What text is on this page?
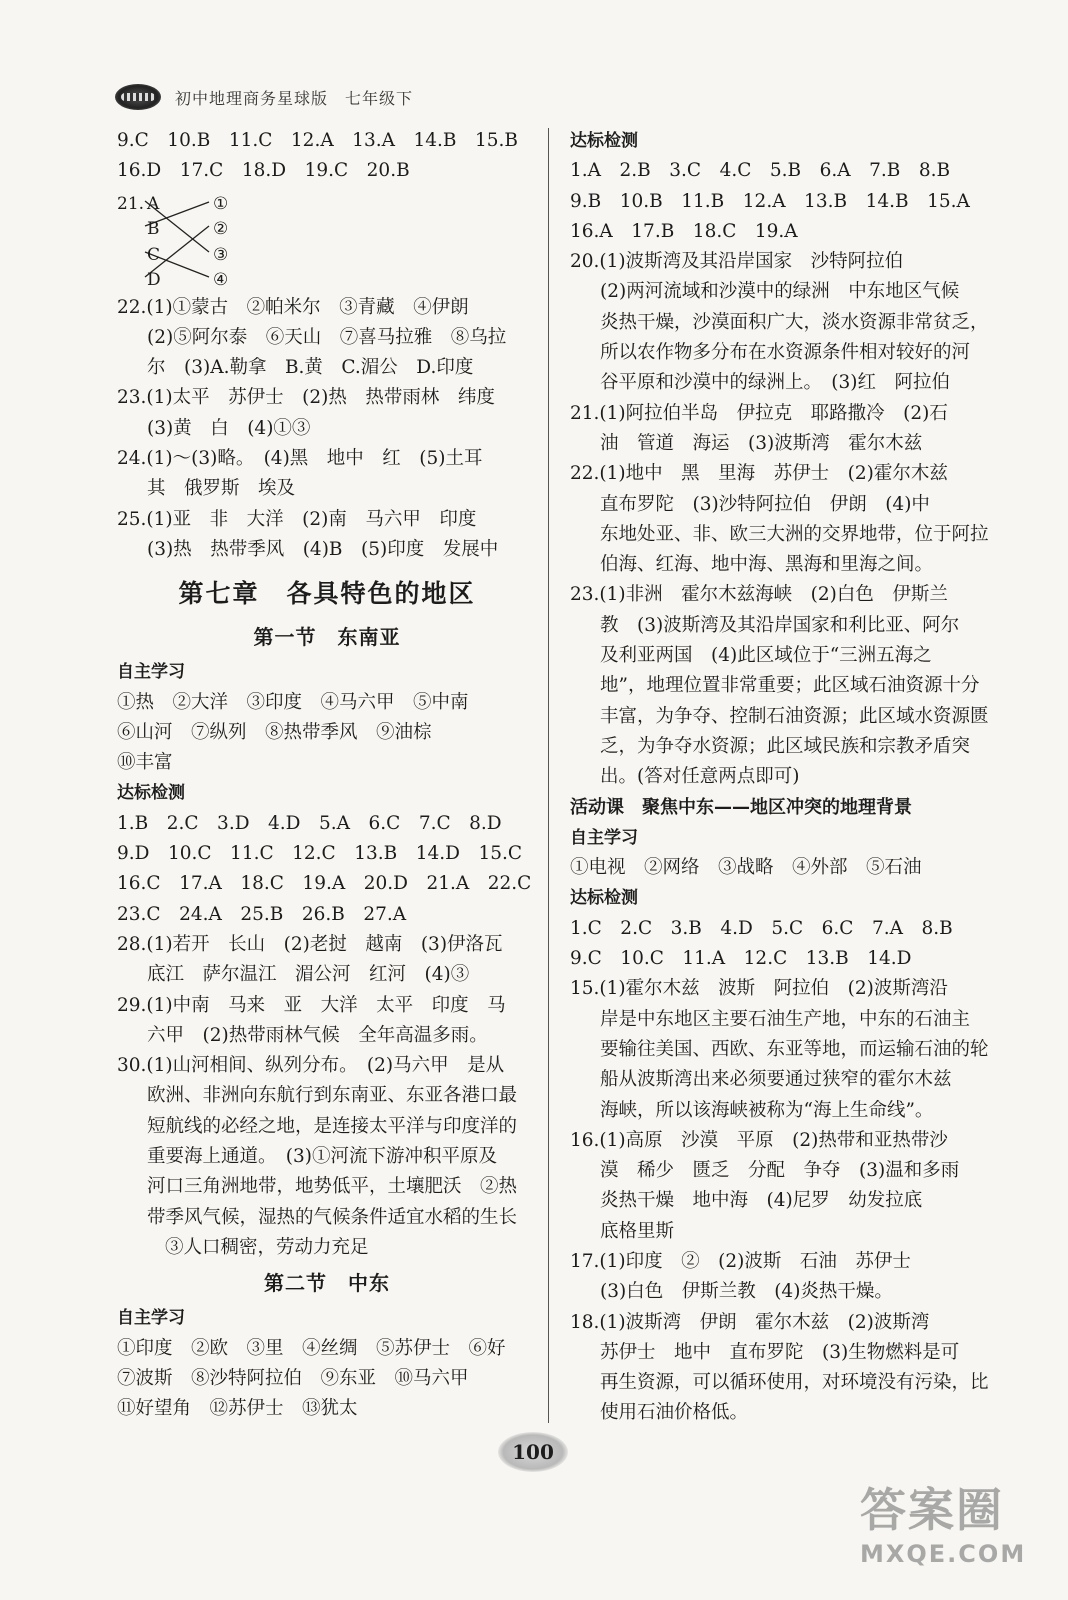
初中地理商务星球版　七年级下
9.C　10.B　11.C　12.A　13.A　14.B　15.B
16.D　17.C　18.D　19.C　20.B
21. A
B
C
D
①
②
③
④
22.(1)①蒙古　②帕米尔　③青藏　④伊朗
(2)⑤阿尔泰　⑥天山　⑦喜马拉雅　⑧乌拉
尔　(3)A.勒拿　B.黄　C.湄公　D.印度
23.(1)太平　苏伊士　(2)热　热带雨林　纬度
(3)黄　白　(4)①③
24.(1)～(3)略。　(4)黑　地中　红　(5)土耳
其　俄罗斯　埃及
25.(1)亚　非　大洋　(2)南　马六甲　印度
(3)热　热带季风　(4)B　(5)印度　发展中
第七章　各具特色的地区
第一节　东南亚
自主学习
①热　②大洋　③印度　④马六甲　⑤中南
⑥山河　⑦纵列　⑧热带季风　⑨油棕
⑩丰富
达标检测
1.B　2.C　3.D　4.D　5.A　6.C　7.C　8.D
9.D　10.C　11.C　12.C　13.B　14.D　15.C
16.C　17.A　18.C　19.A　20.D　21.A　22.C
23.C　24.A　25.B　26.B　27.A
28.(1)若开　长山　(2)老挝　越南　(3)伊洛瓦
底江　萨尔温江　湄公河　红河　(4)③
29.(1)中南　马来　亚　大洋　太平　印度　马
六甲　(2)热带雨林气候　全年高温多雨。
30.(1)山河相间、纵列分布。　(2)马六甲　是从
欧洲、非洲向东航行到东南亚、东亚各港口最
短航线的必经之地，是连接太平洋与印度洋的
重要海上通道。　(3)①河流下游冲积平原及
河口三角洲地带，地势低平，土壤肥沃　②热
带季风气候，湿热的气候条件适宜水稻的生长
③人口稠密，劳动力充足
第二节　中东
自主学习
①印度　②欧　③里　④丝绸　⑤苏伊士　⑥好
⑦波斯　⑧沙特阿拉伯　⑨东亚　⑩马六甲
⑪好望角　⑫苏伊士　⑬犹太
达标检测
1.A　2.B　3.C　4.C　5.B　6.A　7.B　8.B
9.B　10.B　11.B　12.A　13.B　14.B　15.A
16.A　17.B　18.C　19.A
20.(1)波斯湾及其沿岸国家　沙特阿拉伯
(2)两河流域和沙漠中的绿洲　中东地区气候
炎热干燥，沙漠面积广大，淡水资源非常贫乏，
所以农作物多分布在水资源条件相对较好的河
谷平原和沙漠中的绿洲上。　(3)红　阿拉伯
21.(1)阿拉伯半岛　伊拉克　耶路撒冷　(2)石
油　管道　海运　(3)波斯湾　霍尔木兹
22.(1)地中　黑　里海　苏伊士　(2)霍尔木兹
直布罗陀　(3)沙特阿拉伯　伊朗　(4)中
东地处亚、非、欧三大洲的交界地带，位于阿拉
伯海、红海、地中海、黑海和里海之间。
23.(1)非洲　霍尔木兹海峡　(2)白色　伊斯兰
教　(3)波斯湾及其沿岸国家和利比亚、阿尔
及利亚两国　(4)此区域位于“三洲五海之
地”，地理位置非常重要；此区域石油资源十分
丰富，为争夺、控制石油资源；此区域水资源匮
乏，为争夺水资源；此区域民族和宗教矛盾突
出。(答对任意两点即可)
活动课　聚焦中东——地区冲突的地理背景
自主学习
①电视　②网络　③战略　④外部　⑤石油
达标检测
1.C　2.C　3.B　4.D　5.C　6.C　7.A　8.B
9.C　10.C　11.A　12.C　13.B　14.D
15.(1)霍尔木兹　波斯　阿拉伯　(2)波斯湾沿
岸是中东地区主要石油生产地，中东的石油主
要输往美国、西欧、东亚等地，而运输石油的轮
船从波斯湾出来必须要通过狭窄的霍尔木兹
海峡，所以该海峡被称为“海上生命线”。
16.(1)高原　沙漠　平原　(2)热带和亚热带沙
漠　稀少　匮乏　分配　争夺　(3)温和多雨
炎热干燥　地中海　(4)尼罗　幼发拉底
底格里斯
17.(1)印度　②　(2)波斯　石油　苏伊士
(3)白色　伊斯兰教　(4)炎热干燥。
18.(1)波斯湾　伊朗　霍尔木兹　(2)波斯湾
苏伊士　地中　直布罗陀　(3)生物燃料是可
再生资源，可以循环使用，对环境没有污染，比
使用石油价格低。
100
答案圈
MXQE.COM
